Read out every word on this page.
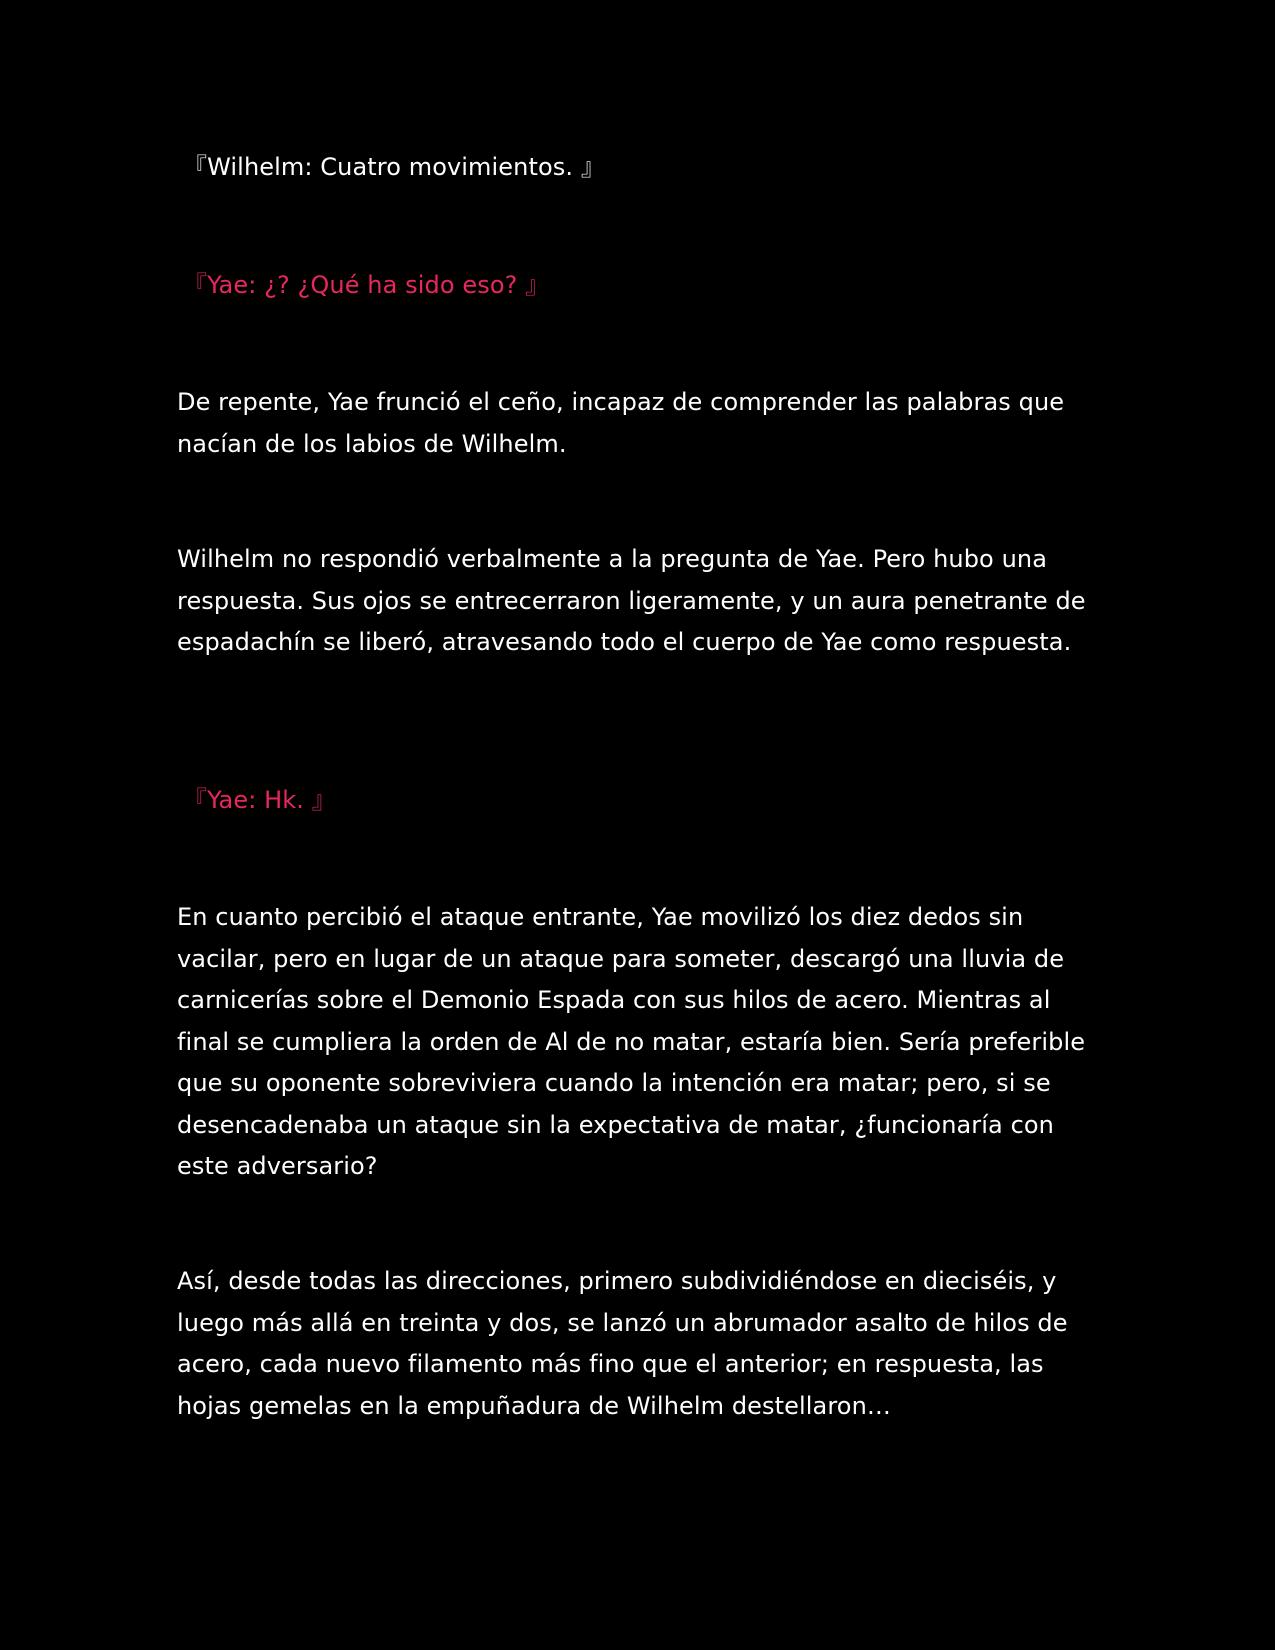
『Wilhelm: Cuatro movimientos. 』

『Yae: ¿? ¿Qué ha sido eso? 』

De repente, Yae frunció el ceño, incapaz de comprender las palabras que nacían de los labios de Wilhelm.

Wilhelm no respondió verbalmente a la pregunta de Yae. Pero hubo una respuesta. Sus ojos se entrecerraron ligeramente, y un aura penetrante de espadachín se liberó, atravesando todo el cuerpo de Yae como respuesta.

『Yae: Hk. 』

En cuanto percibió el ataque entrante, Yae movilizó los diez dedos sin vacilar, pero en lugar de un ataque para someter, descargó una lluvia de carnicerías sobre el Demonio Espada con sus hilos de acero. Mientras al final se cumpliera la orden de Al de no matar, estaría bien. Sería preferible que su oponente sobreviviera cuando la intención era matar; pero, si se desencadenaba un ataque sin la expectativa de matar, ¿funcionaría con este adversario?

Así, desde todas las direcciones, primero subdividiéndose en dieciséis, y luego más allá en treinta y dos, se lanzó un abrumador asalto de hilos de acero, cada nuevo filamento más fino que el anterior; en respuesta, las hojas gemelas en la empuñadura de Wilhelm destellaron…
